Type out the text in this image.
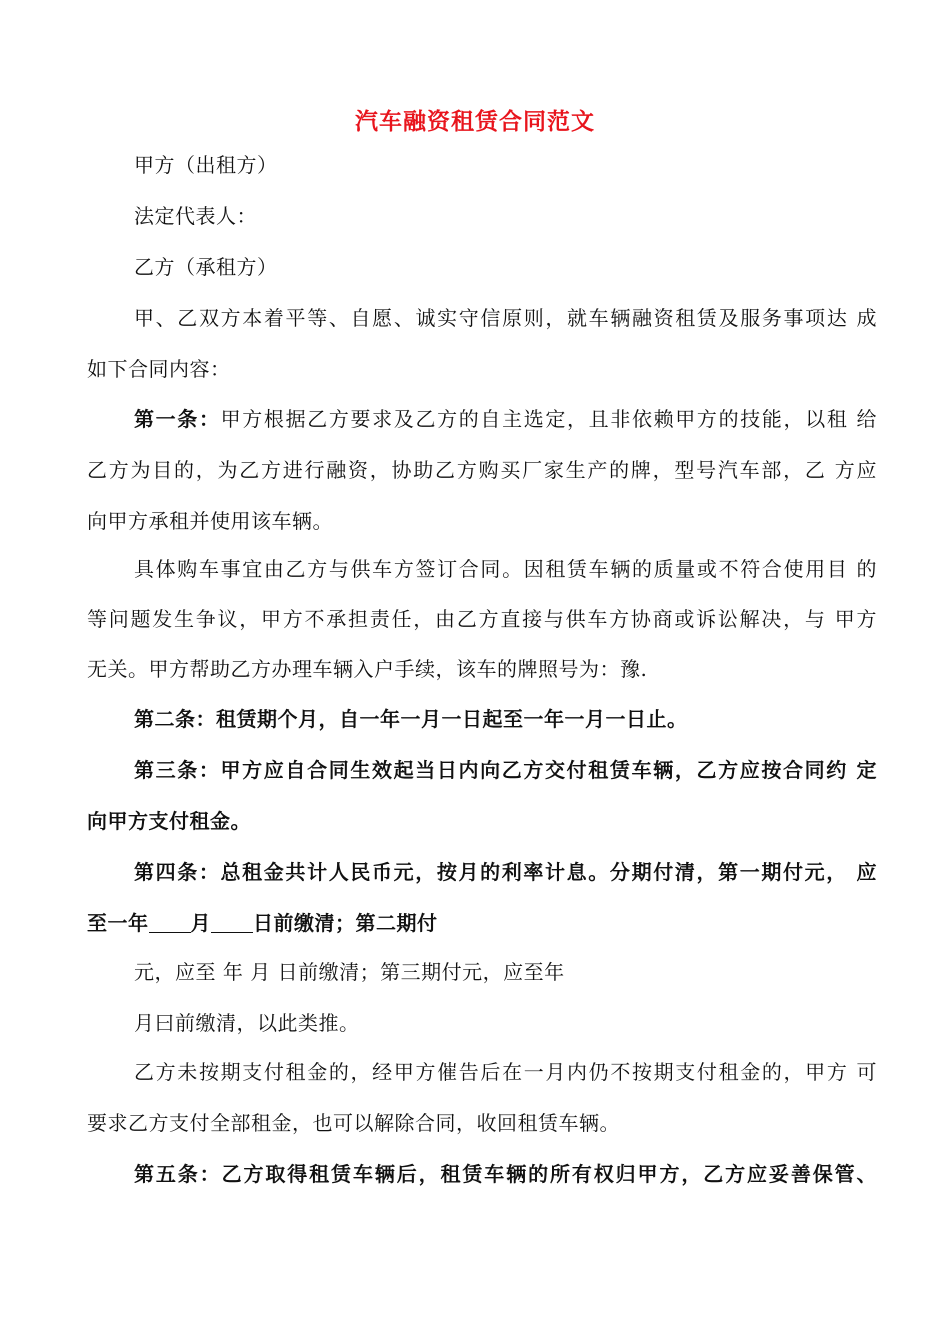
汽车融资租赁合同范文
甲方（出租方）
法定代表人：
乙方（承租方）
甲、乙双方本着平等、自愿、诚实守信原则，就车辆融资租赁及服务事项达 成
如下合同内容：
第一条：甲方根据乙方要求及乙方的自主选定，且非依赖甲方的技能，以租 给
乙方为目的，为乙方进行融资，协助乙方购买厂家生产的牌，型号汽车部，乙 方应
向甲方承租并使用该车辆。
具体购车事宜由乙方与供车方签订合同。因租赁车辆的质量或不符合使用目 的
等问题发生争议，甲方不承担责任，由乙方直接与供车方协商或诉讼解决，与 甲方
无关。甲方帮助乙方办理车辆入户手续，该车的牌照号为：豫.
第二条：租赁期个月，自一年一月一日起至一年一月一日止。
第三条：甲方应自合同生效起当日内向乙方交付租赁车辆，乙方应按合同约 定
向甲方支付租金。
第四条：总租金共计人民币元，按月的利率计息。分期付清，第一期付元， 应
至一年 月 日前缴清；第二期付
元，应至 年 月 日前缴清；第三期付元，应至年
月曰前缴清，以此类推。
乙方未按期支付租金的，经甲方催告后在一月内仍不按期支付租金的，甲方 可
要求乙方支付全部租金，也可以解除合同，收回租赁车辆。
第五条：乙方取得租赁车辆后，租赁车辆的所有权归甲方，乙方应妥善保管、
